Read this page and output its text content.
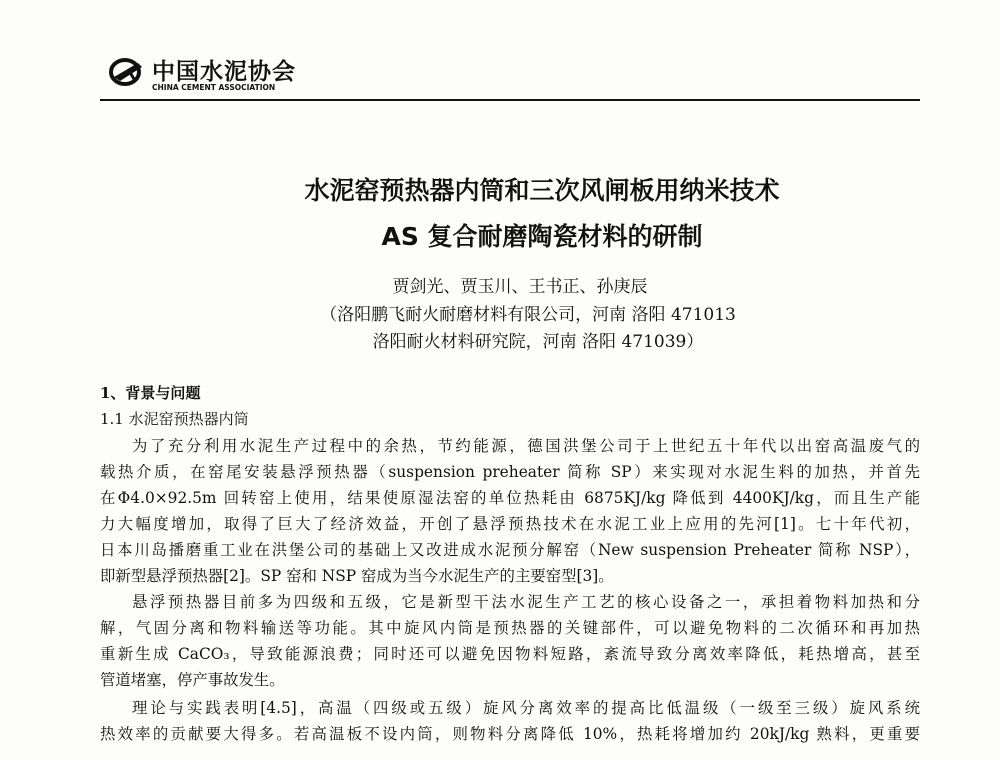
中国水泥协会
CHINA CEMENT ASSOCIATION
水泥窑预热器内筒和三次风闸板用纳米技术
AS 复合耐磨陶瓷材料的研制
贾剑光、贾玉川、王书正、孙庚辰
（洛阳鹏飞耐火耐磨材料有限公司，河南 洛阳 471013
洛阳耐火材料研究院，河南 洛阳 471039）
1、背景与问题
1.1 水泥窑预热器内筒
为了充分利用水泥生产过程中的余热，节约能源，德国洪堡公司于上世纪五十年代以出窑高温废气的
载热介质，在窑尾安装悬浮预热器（suspension preheater 简称 SP）来实现对水泥生料的加热，并首先
在Φ4.0×92.5m 回转窑上使用，结果使原湿法窑的单位热耗由 6875KJ/kg 降低到 4400KJ/kg，而且生产能
力大幅度增加，取得了巨大了经济效益，开创了悬浮预热技术在水泥工业上应用的先河[1]。七十年代初，
日本川岛播磨重工业在洪堡公司的基础上又改进成水泥预分解窑（New suspension Preheater 简称 NSP），
即新型悬浮预热器[2]。SP 窑和 NSP 窑成为当今水泥生产的主要窑型[3]。
悬浮预热器目前多为四级和五级，它是新型干法水泥生产工艺的核心设备之一，承担着物料加热和分
解，气固分离和物料输送等功能。其中旋风内筒是预热器的关键部件，可以避免物料的二次循环和再加热
重新生成 CaCO₃，导致能源浪费；同时还可以避免因物料短路，紊流导致分离效率降低，耗热增高，甚至
管道堵塞，停产事故发生。
理论与实践表明[4.5]，高温（四级或五级）旋风分离效率的提高比低温级（一级至三级）旋风系统
热效率的贡献要大得多。若高温板不设内筒，则物料分离降低 10%，热耗将增加约 20kJ/kg 熟料，更重要
